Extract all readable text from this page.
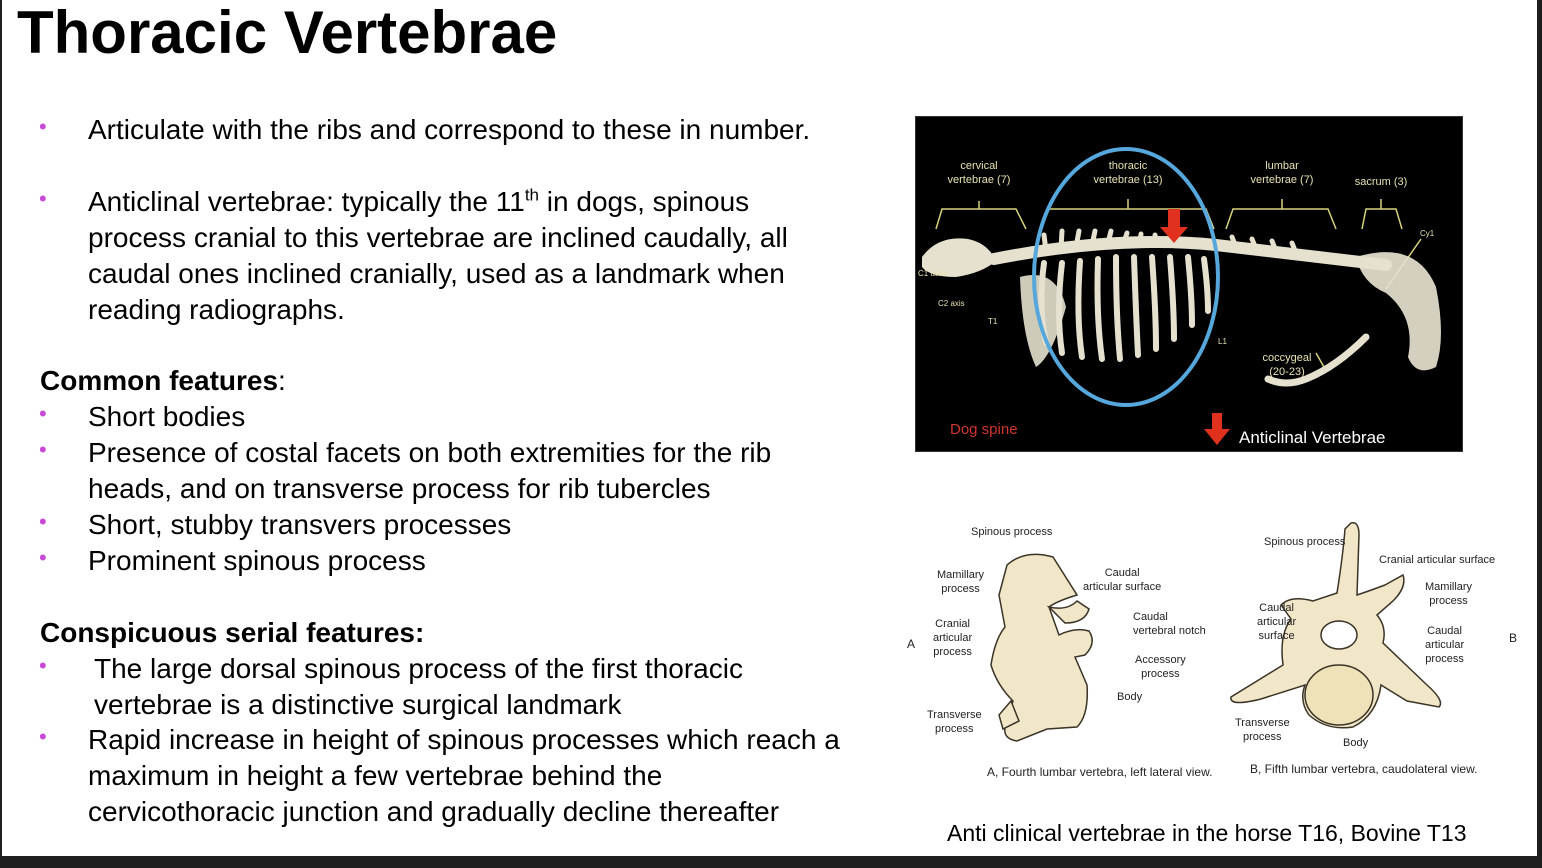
Thoracic Vertebrae
• Articulate with the ribs and correspond to these in number.
• Anticlinal vertebrae: typically the 11th in dogs, spinous
process cranial to this vertebrae are inclined caudally, all
caudal ones inclined cranially, used as a landmark when
reading radiographs.
Common features:
• Short bodies
• Presence of costal facets on both extremities for the rib
heads, and on transverse process for rib tubercles
• Short, stubby transvers processes
• Prominent spinous process
Conspicuous serial features:
• The large dorsal spinous process of the first thoracic
vertebrae is a distinctive surgical landmark
• Rapid increase in height of spinous processes which reach a
maximum in height a few vertebrae behind the
cervicothoracic junction and gradually decline thereafter
cervical
vertebrae (7)
thoracic
vertebrae (13)
lumbar
vertebrae (7)	sacrum (3)
coccygeal
(20-23)
C1 atlas
C2 axis
T1
L1
Cy1
Dog spine	Anticlinal Vertebrae
A
Spinous process
Mamillary
process
Caudal
articular surface
Caudal
vertebral notch
Cranial
articular
process
Accessory
process
Body
Transverse
process
A, Fourth lumbar vertebra, left lateral view.
Spinous process
Cranial articular surface
Mamillary
process
Caudal
articular
surface	Caudal
articular
process
B
Transverse
process	Body
B, Fifth lumbar vertebra, caudolateral view.
Anti clinical vertebrae in the horse T16, Bovine T13
